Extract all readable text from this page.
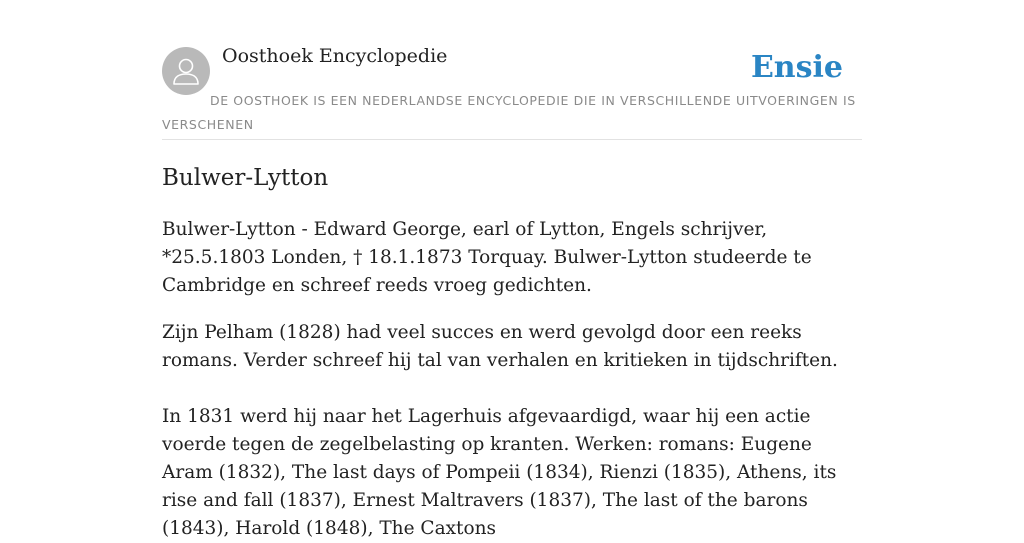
Oosthoek Encyclopedie	Ensie
DE OOSTHOEK IS EEN NEDERLANDSE ENCYCLOPEDIE DIE IN VERSCHILLENDE UITVOERINGEN IS VERSCHENEN
Bulwer-Lytton

Bulwer-Lytton - Edward George, earl of Lytton, Engels schrijver, *25.5.1803 Londen, † 18.1.1873 Torquay. Bulwer-Lytton studeerde te Cambridge en schreef reeds vroeg gedichten.

Zijn Pelham (1828) had veel succes en werd gevolgd door een reeks romans. Verder schreef hij tal van verhalen en kritieken in tijdschriften.

In 1831 werd hij naar het Lagerhuis afgevaardigd, waar hij een actie voerde tegen de zegelbelasting op kranten. Werken: romans: Eugene Aram (1832), The last days of Pompeii (1834), Rienzi (1835), Athens, its rise and fall (1837), Ernest Maltravers (1837), The last of the barons (1843), Harold (1848), The Caxtons
